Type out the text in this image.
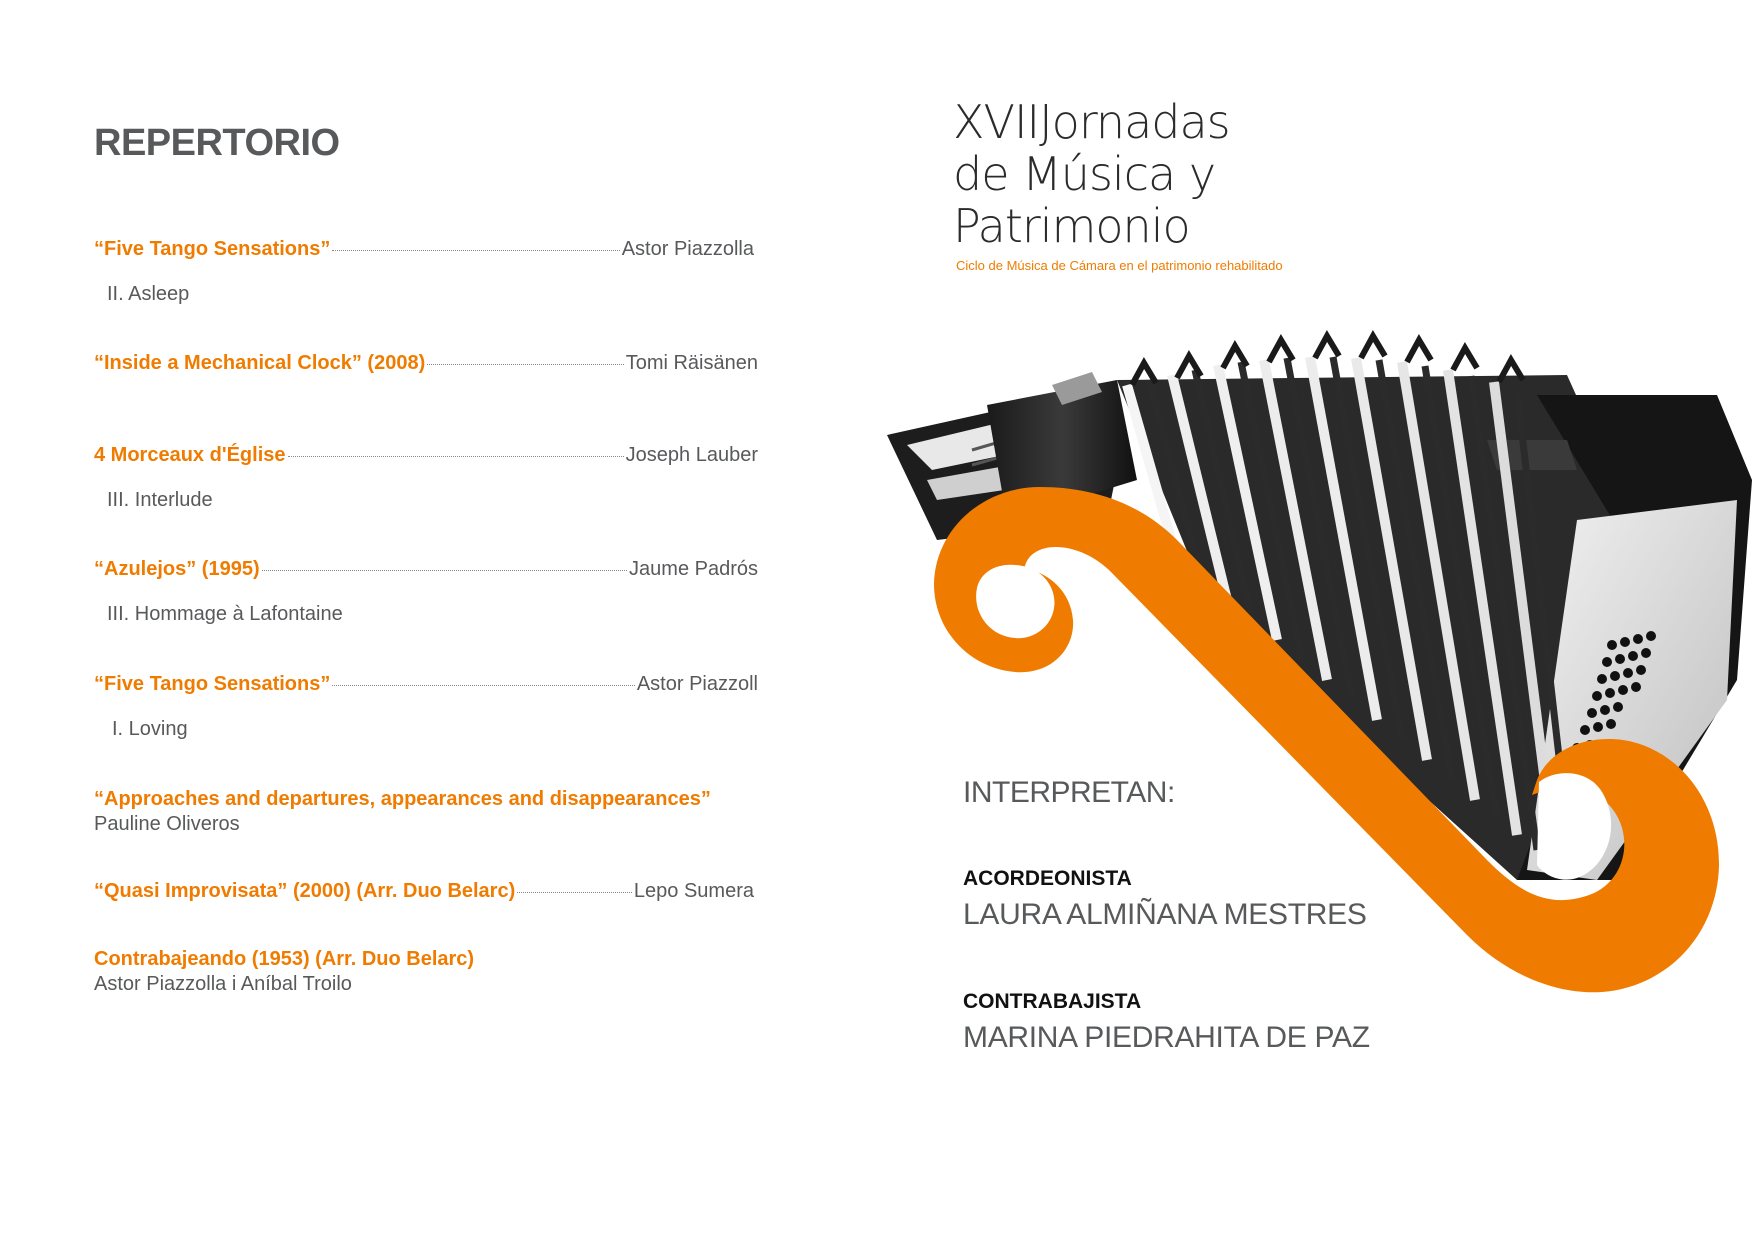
REPERTORIO
“Five Tango Sensations”	Astor Piazzolla
II. Asleep
“Inside a Mechanical Clock” (2008)	Tomi Räisänen
4 Morceaux d'Église	Joseph Lauber
III. Interlude
“Azulejos” (1995)	Jaume Padrós
III. Hommage à Lafontaine
“Five Tango Sensations”	Astor Piazzoll
I. Loving
“Approaches and departures, appearances and disappearances”
Pauline Oliveros
“Quasi Improvisata” (2000) (Arr. Duo Belarc)	Lepo Sumera
Contrabajeando (1953) (Arr. Duo Belarc)
Astor Piazzolla i Aníbal Troilo
XVIIJornadas
de Música y
Patrimonio
Ciclo de Música de Cámara en el patrimonio rehabilitado
INTERPRETAN:
ACORDEONISTA
LAURA ALMIÑANA MESTRES
CONTRABAJISTA
MARINA PIEDRAHITA DE PAZ
